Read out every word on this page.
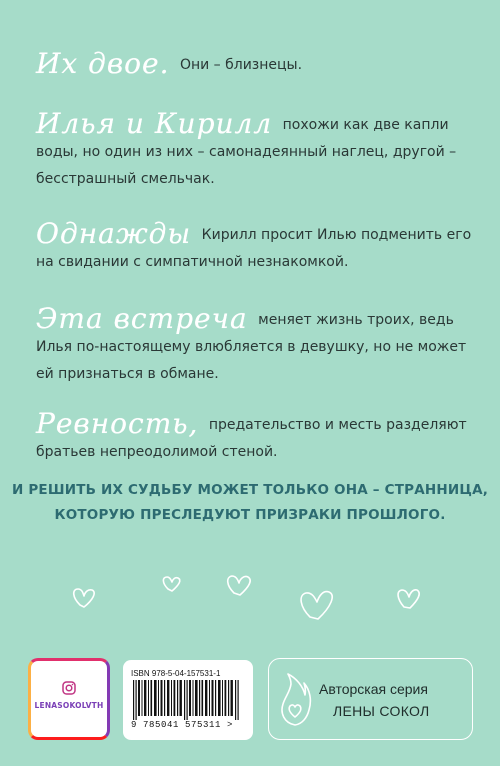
Их двое. Они – близнецы.
Илья и Кирилл похожи как две капли воды, но один из них – самонадеянный наглец, другой – бесстрашный смельчак.
Однажды Кирилл просит Илью подменить его на свидании с симпатичной незнакомкой.
Эта встреча меняет жизнь троих, ведь Илья по-настоящему влюбляется в девушку, но не может ей признаться в обмане.
Ревность, предательство и месть разделяют братьев непреодолимой стеной.
И РЕШИТЬ ИХ СУДЬБУ МОЖЕТ ТОЛЬКО ОНА – СТРАННИЦА,
КОТОРУЮ ПРЕСЛЕДУЮТ ПРИЗРАКИ ПРОШЛОГО.
LENASOKOLVTH
ISBN 978-5-04-157531-1
9 785041 575311 >
Авторская серия
ЛЕНЫ СОКОЛ
